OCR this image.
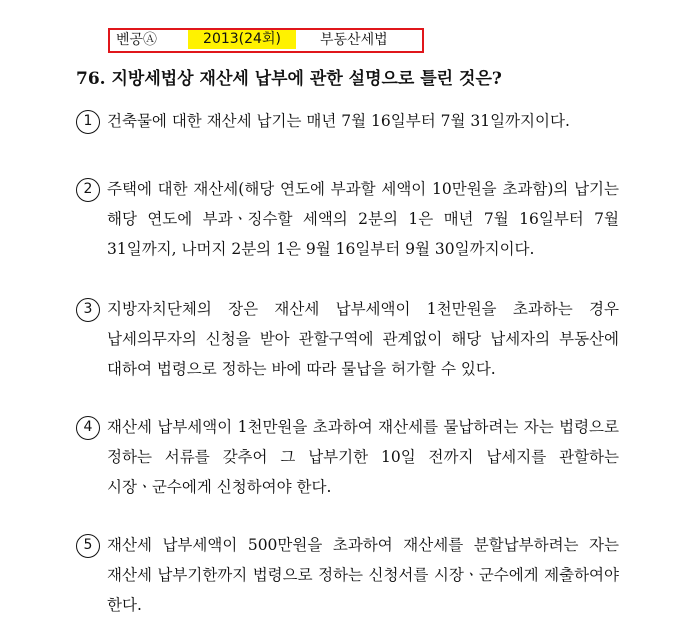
벤공Ⓐ	2013(24회)	부동산세법
76. 지방세법상 재산세 납부에 관한 설명으로 틀린 것은?
1 건축물에 대한 재산세 납기는 매년 7월 16일부터 7월 31일까지이다.
2 주택에 대한 재산세(해당 연도에 부과할 세액이 10만원을 초과함)의 납기는 해당 연도에 부과ㆍ징수할 세액의 2분의 1은 매년 7월 16일부터 7월 31일까지, 나머지 2분의 1은 9월 16일부터 9월 30일까지이다.
3 지방자치단체의 장은 재산세 납부세액이 1천만원을 초과하는 경우 납세의무자의 신청을 받아 관할구역에 관계없이 해당 납세자의 부동산에 대하여 법령으로 정하는 바에 따라 물납을 허가할 수 있다.
4 재산세 납부세액이 1천만원을 초과하여 재산세를 물납하려는 자는 법령으로 정하는 서류를 갖추어 그 납부기한 10일 전까지 납세지를 관할하는 시장ㆍ군수에게 신청하여야 한다.
5 재산세 납부세액이 500만원을 초과하여 재산세를 분할납부하려는 자는 재산세 납부기한까지 법령으로 정하는 신청서를 시장ㆍ군수에게 제출하여야 한다.
